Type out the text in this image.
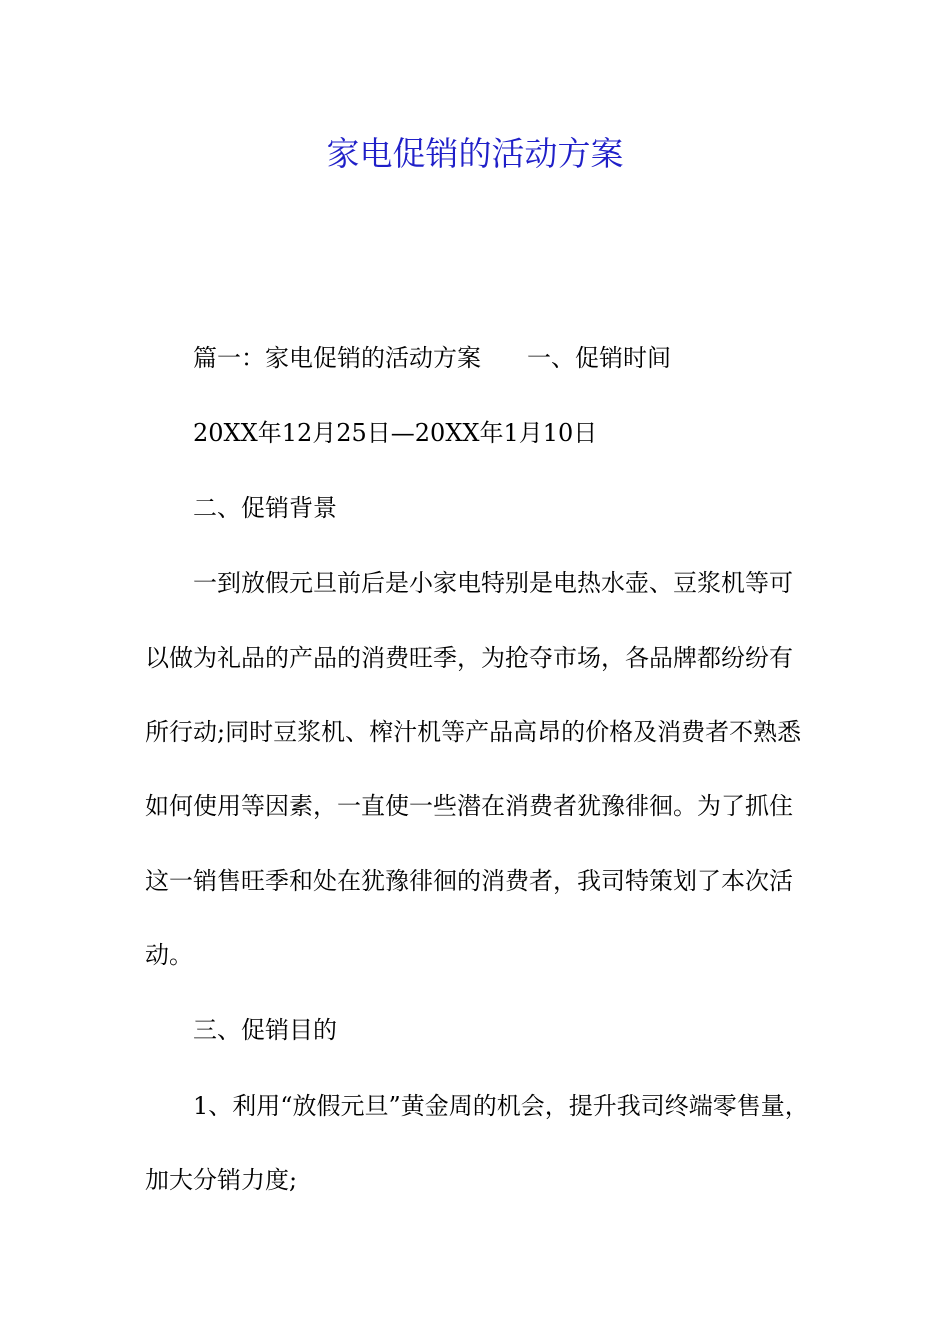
家电促销的活动方案

篇一：家电促销的活动方案 一、促销时间

20XX年12月25日—20XX年1月10日

二、促销背景

一到放假元旦前后是小家电特别是电热水壶、豆浆机等可

以做为礼品的产品的消费旺季，为抢夺市场，各品牌都纷纷有

所行动;同时豆浆机、榨汁机等产品高昂的价格及消费者不熟悉

如何使用等因素，一直使一些潜在消费者犹豫徘徊。为了抓住

这一销售旺季和处在犹豫徘徊的消费者，我司特策划了本次活

动。

三、促销目的

1、利用“放假元旦”黄金周的机会，提升我司终端零售量，

加大分销力度;
